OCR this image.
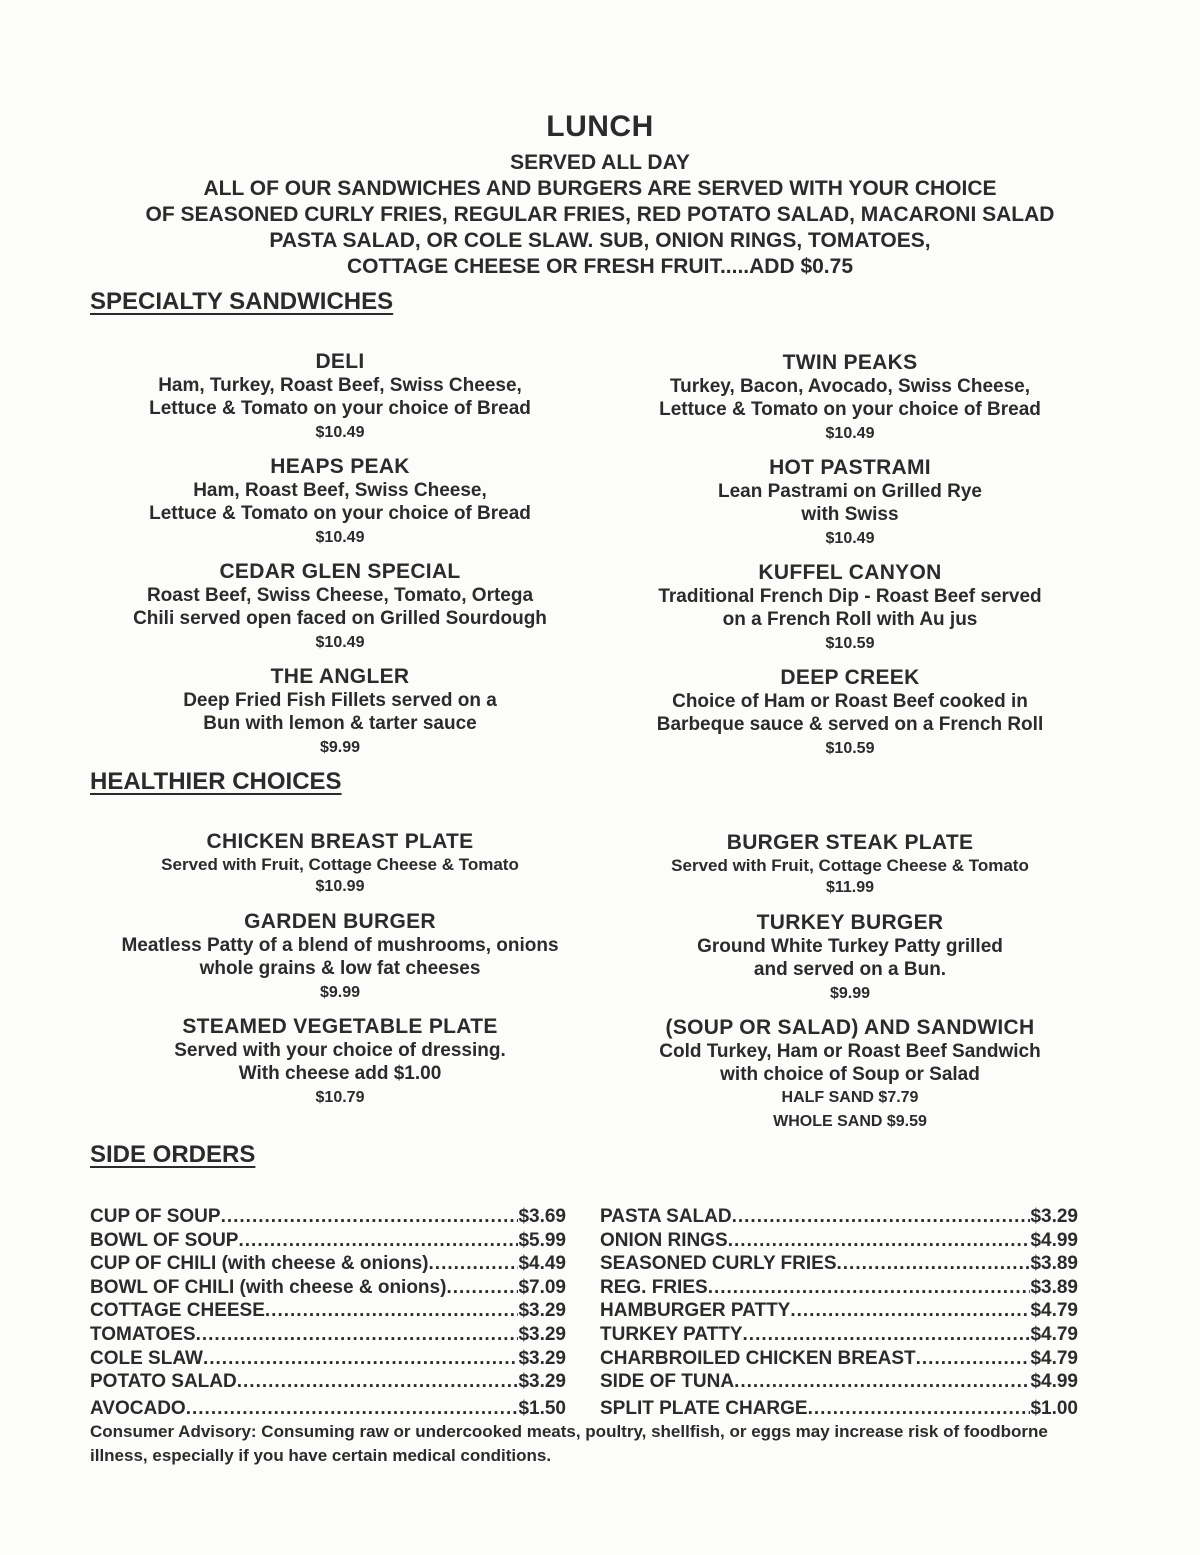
LUNCH
SERVED ALL DAY
ALL OF OUR SANDWICHES AND BURGERS ARE SERVED WITH YOUR CHOICE
OF SEASONED CURLY FRIES, REGULAR FRIES, RED POTATO SALAD, MACARONI SALAD
PASTA SALAD, OR COLE SLAW. SUB, ONION RINGS, TOMATOES,
COTTAGE CHEESE OR FRESH FRUIT.....ADD $0.75
SPECIALTY SANDWICHES
DELI
Ham, Turkey, Roast Beef, Swiss Cheese,
Lettuce & Tomato on your choice of Bread
$10.49
TWIN PEAKS
Turkey, Bacon, Avocado, Swiss Cheese,
Lettuce & Tomato on your choice of Bread
$10.49
HEAPS PEAK
Ham, Roast Beef, Swiss Cheese,
Lettuce & Tomato on your choice of Bread
$10.49
HOT PASTRAMI
Lean Pastrami on Grilled Rye
with Swiss
$10.49
CEDAR GLEN SPECIAL
Roast Beef, Swiss Cheese, Tomato, Ortega
Chili served open faced on Grilled Sourdough
$10.49
KUFFEL CANYON
Traditional French Dip - Roast Beef served
on a French Roll with Au jus
$10.59
THE ANGLER
Deep Fried Fish Fillets served on a
Bun with lemon & tarter sauce
$9.99
DEEP CREEK
Choice of Ham or Roast Beef cooked in
Barbeque sauce & served on a French Roll
$10.59
HEALTHIER CHOICES
CHICKEN BREAST PLATE
Served with Fruit, Cottage Cheese & Tomato
$10.99
BURGER STEAK PLATE
Served with Fruit, Cottage Cheese & Tomato
$11.99
GARDEN BURGER
Meatless Patty of a blend of mushrooms, onions
whole grains & low fat cheeses
$9.99
TURKEY BURGER
Ground White Turkey Patty grilled
and served on a Bun.
$9.99
STEAMED VEGETABLE PLATE
Served with your choice of dressing.
With cheese add $1.00
$10.79
(SOUP OR SALAD) AND SANDWICH
Cold Turkey, Ham or Roast Beef Sandwich
with choice of Soup or Salad
HALF SAND $7.79
WHOLE SAND $9.59
SIDE ORDERS
CUP OF SOUP .....	$3.69
BOWL OF SOUP .....	$5.99
CUP OF CHILI (with cheese & onions) .....	$4.49
BOWL OF CHILI (with cheese & onions) .....	$7.09
COTTAGE CHEESE .....	$3.29
TOMATOES .....	$3.29
COLE SLAW .....	$3.29
POTATO SALAD .....	$3.29
AVOCADO .....	$1.50
PASTA SALAD .....	$3.29
ONION RINGS .....	$4.99
SEASONED CURLY FRIES .....	$3.89
REG. FRIES .....	$3.89
HAMBURGER PATTY .....	$4.79
TURKEY PATTY .....	$4.79
CHARBROILED CHICKEN BREAST .....	$4.79
SIDE OF TUNA .....	$4.99
SPLIT PLATE CHARGE .....	$1.00
Consumer Advisory: Consuming raw or undercooked meats, poultry, shellfish, or eggs may increase risk of foodborne illness, especially if you have certain medical conditions.
